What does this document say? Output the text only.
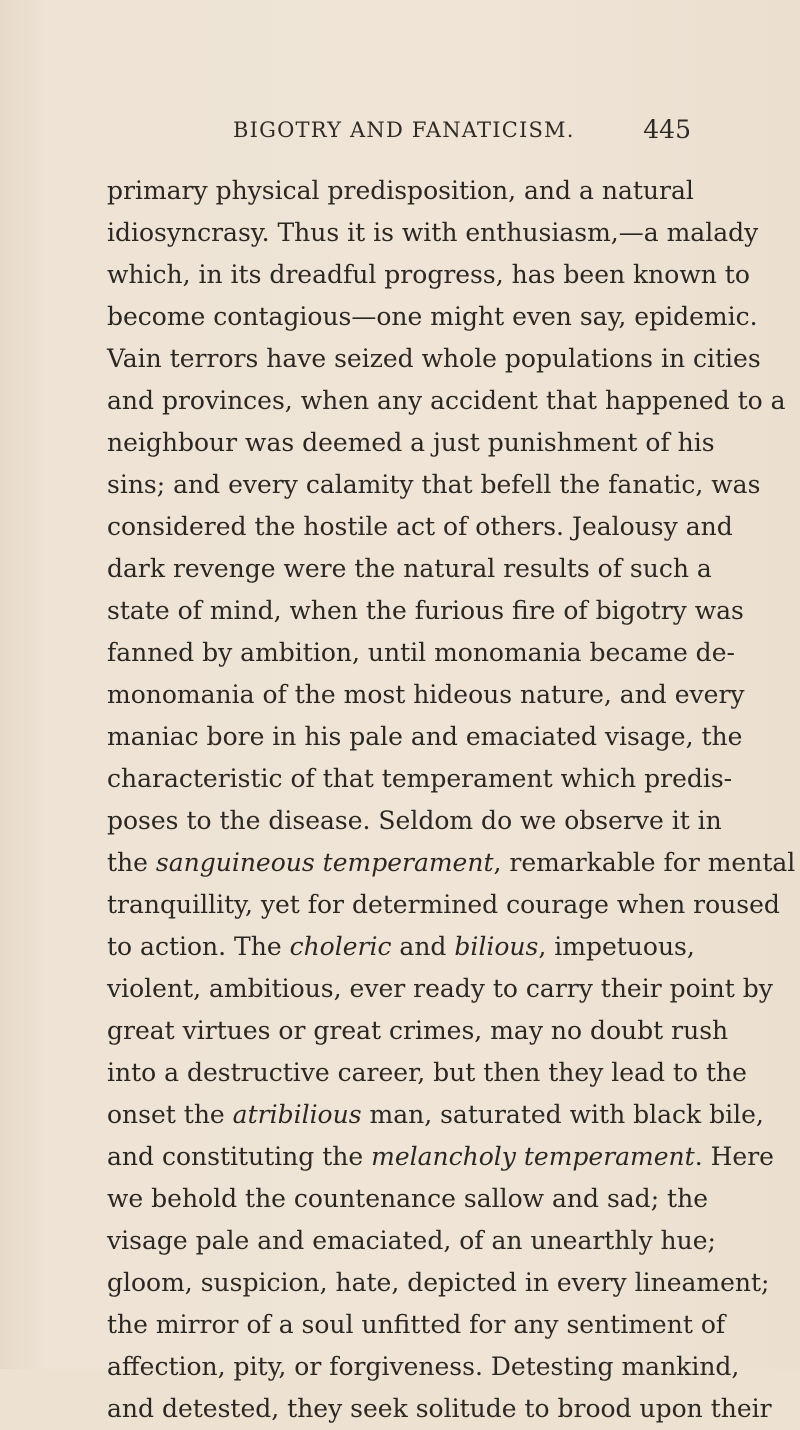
BIGOTRY AND FANATICISM.	445
primary physical predisposition, and a natural
idiosyncrasy. Thus it is with enthusiasm,—a malady
which, in its dreadful progress, has been known to
become contagious—one might even say, epidemic.
Vain terrors have seized whole populations in cities
and provinces, when any accident that happened to a
neighbour was deemed a just punishment of his
sins; and every calamity that befell the fanatic, was
considered the hostile act of others. Jealousy and
dark revenge were the natural results of such a
state of mind, when the furious fire of bigotry was
fanned by ambition, until monomania became de-
monomania of the most hideous nature, and every
maniac bore in his pale and emaciated visage, the
characteristic of that temperament which predis-
poses to the disease. Seldom do we observe it in
the sanguineous temperament, remarkable for mental
tranquillity, yet for determined courage when roused
to action. The choleric and bilious, impetuous,
violent, ambitious, ever ready to carry their point by
great virtues or great crimes, may no doubt rush
into a destructive career, but then they lead to the
onset the atribilious man, saturated with black bile,
and constituting the melancholy temperament. Here
we behold the countenance sallow and sad; the
visage pale and emaciated, of an unearthly hue;
gloom, suspicion, hate, depicted in every lineament;
the mirror of a soul unfitted for any sentiment of
affection, pity, or forgiveness. Detesting mankind,
and detested, they seek solitude to brood upon their
